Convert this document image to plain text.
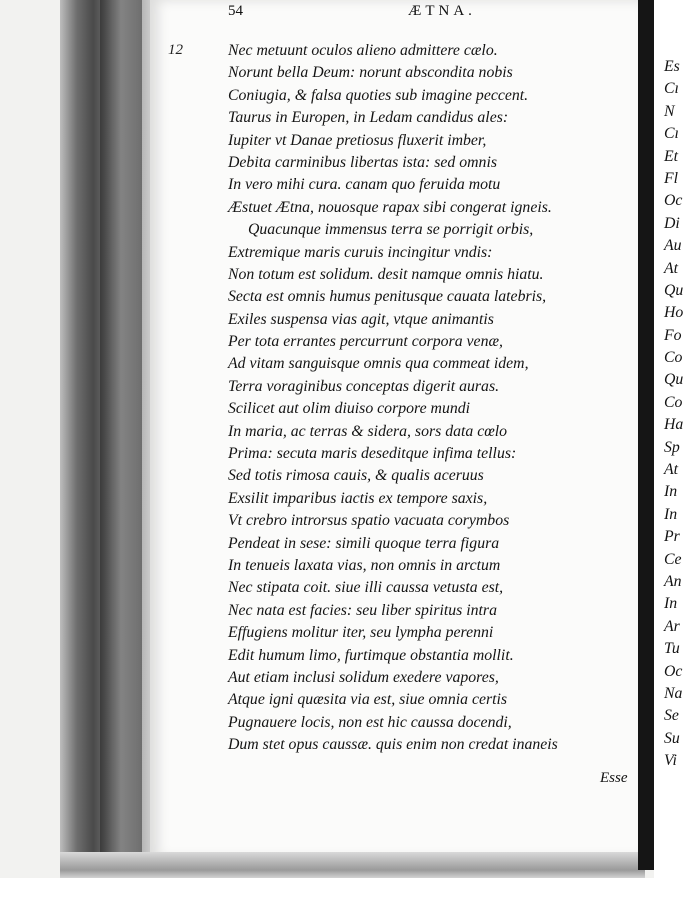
54	ÆTNA.
12	Nec metuunt oculos alieno admittere cælo.
Norunt bella Deum: norunt abscondita nobis
Coniugia, & falsa quoties sub imagine peccent.
Taurus in Europen, in Ledam candidus ales:
Iupiter vt Danae pretiosus fluxerit imber,
Debita carminibus libertas ista: sed omnis
In vero mihi cura. canam quo feruida motu
Æstuet Ætna, nouosque rapax sibi congerat igneis.
Quacunque immensus terra se porrigit orbis,
Extremique maris curuis incingitur vndis:
Non totum est solidum. desit namque omnis hiatu.
Secta est omnis humus penitusque cauata latebris,
Exiles suspensa vias agit, vtque animantis
Per tota errantes percurrunt corpora venæ,
Ad vitam sanguisque omnis qua commeat idem,
Terra voraginibus conceptas digerit auras.
Scilicet aut olim diuiso corpore mundi
In maria, ac terras & sidera, sors data cœlo
Prima: secuta maris deseditque infima tellus:
Sed totis rimosa cauis, & qualis aceruus
Exsilit imparibus iactis ex tempore saxis,
Vt crebro introrsus spatio vacuata corymbos
Pendeat in sese: simili quoque terra figura
In tenueis laxata vias, non omnis in arctum
Nec stipata coit. siue illi caussa vetusta est,
Nec nata est facies: seu liber spiritus intra
Effugiens molitur iter, seu lympha perenni
Edit humum limo, furtimque obstantia mollit.
Aut etiam inclusi solidum exedere vapores,
Atque igni quæsita via est, siue omnia certis
Pugnauere locis, non est hic caussa docendi,
Dum stet opus caussæ. quis enim non credat inaneis
Esse
Es
Cı
N
Cı
Et
Fl
Oc
Di
Au
At
Qu
Ho
Fo
Co
Qu
Co
Ha
Sp
At
In
In
Pr
Ce
An
In
Ar
Tu
Oc
Na
Se
Su
Vi
